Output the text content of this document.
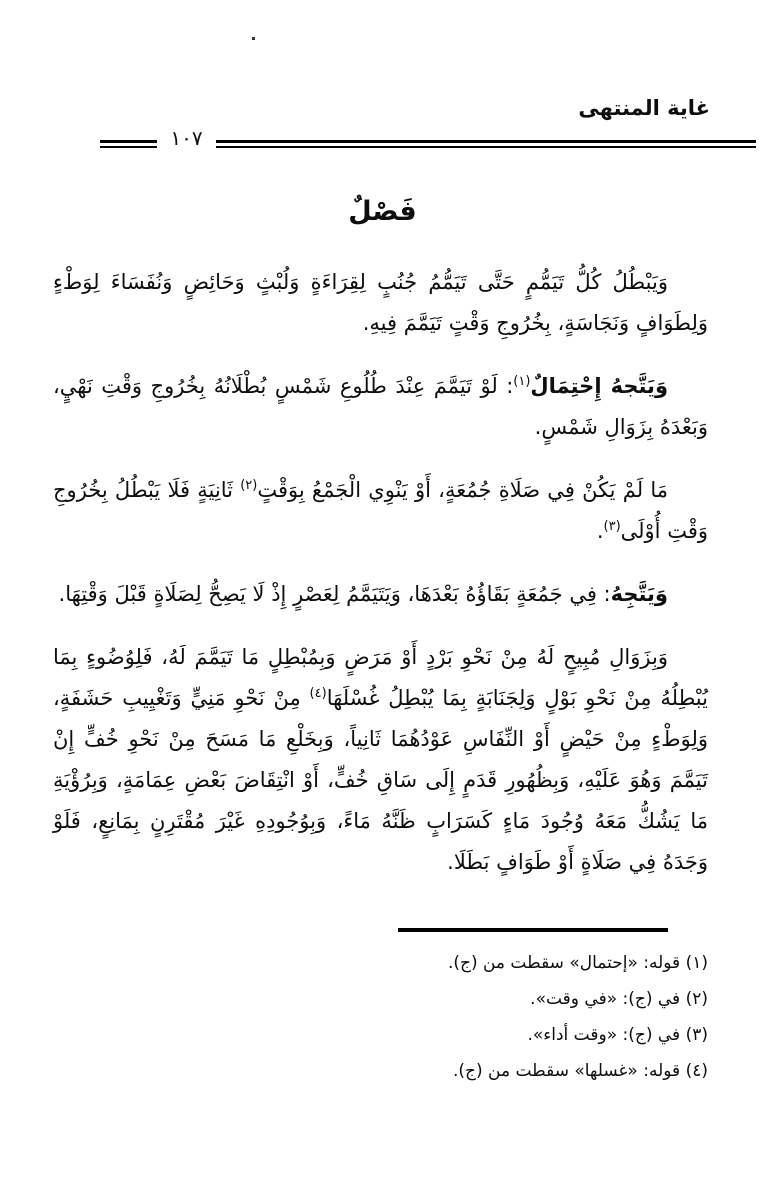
غاية المنتهى
١٠٧
فَصْلٌ

وَيَبْطُلُ كُلُّ تَيَمُّمٍ حَتَّى تَيَمُّمُ جُنُبٍ لِقِرَاءَةٍ وَلُبْثٍ وَحَائِضٍ وَنُفَسَاءَ لِوَطْءٍ وَلِطَوَافٍ وَنَجَاسَةٍ، بِخُرُوجِ وَقْتٍ تَيَمَّمَ فِيهِ.

وَيَتَّجهُ إِحْتِمَالٌ$^{(١)}$: لَوْ تَيَمَّمَ عِنْدَ طُلُوعِ شَمْسٍ بُطْلَانُهُ بِخُرُوجِ وَقْتِ نَهْيٍ، وَبَعْدَهُ بِزَوَالِ شَمْسٍ.

مَا لَمْ يَكُنْ فِي صَلَاةِ جُمُعَةٍ، أَوْ يَنْوِي الْجَمْعُ بِوَقْتٍ$^{(٢)}$ ثَانِيَةٍ فَلَا يَبْطُلُ بِخُرُوجِ وَقْتِ أُوْلَى$^{(٣)}$.

وَيَتَّجِهُ: فِي جَمُعَةٍ بَقَاؤُهُ بَعْدَهَا، وَيَتَيَمَّمُ لِعَصْرٍ إِذْ لَا يَصِحُّ لِصَلَاةٍ قَبْلَ وَقْتِهَا.

وَبِزَوَالِ مُبِيحٍ لَهُ مِنْ نَحْوِ بَرْدٍ أَوْ مَرَضٍ وَبِمُبْطِلٍ مَا تَيَمَّمَ لَهُ، فَلِوُضُوءٍ بِمَا يُبْطِلُهُ مِنْ نَحْوِ بَوْلٍ وَلِجَنَابَةٍ بِمَا يُبْطِلُ غُسْلَهَا$^{(٤)}$ مِنْ نَحْوِ مَنِيٍّ وَتَغْيِيبِ حَشَفَةٍ، وَلِوَطْءٍ مِنْ حَيْضٍ أَوْ النِّفَاسِ عَوْدُهُمَا ثَانِياً، وَبِخَلْعِ مَا مَسَحَ مِنْ نَحْوِ خُفٍّ إِنْ تَيَمَّمَ وَهُوَ عَلَيْهِ، وَبِظُهُورِ قَدَمٍ إِلَى سَاقِ خُفٍّ، أَوْ انْتِقَاضَ بَعْضِ عِمَامَةٍ، وَبِرُؤْيَةِ مَا يَشُكُّ مَعَهُ وُجُودَ مَاءٍ كَسَرَابٍ ظَنَّهُ مَاءً، وَبِوُجُودِهِ غَيْرَ مُقْتَرِنٍ بِمَانِعٍ، فَلَوْ وَجَدَهُ فِي صَلَاةٍ أَوْ طَوَافٍ بَطَلَا.

(١) قوله: «إحتمال» سقطت من (ج).
(٢) في (ج): «في وقت».
(٣) في (ج): «وقت أداء».
(٤) قوله: «غسلها» سقطت من (ج).
